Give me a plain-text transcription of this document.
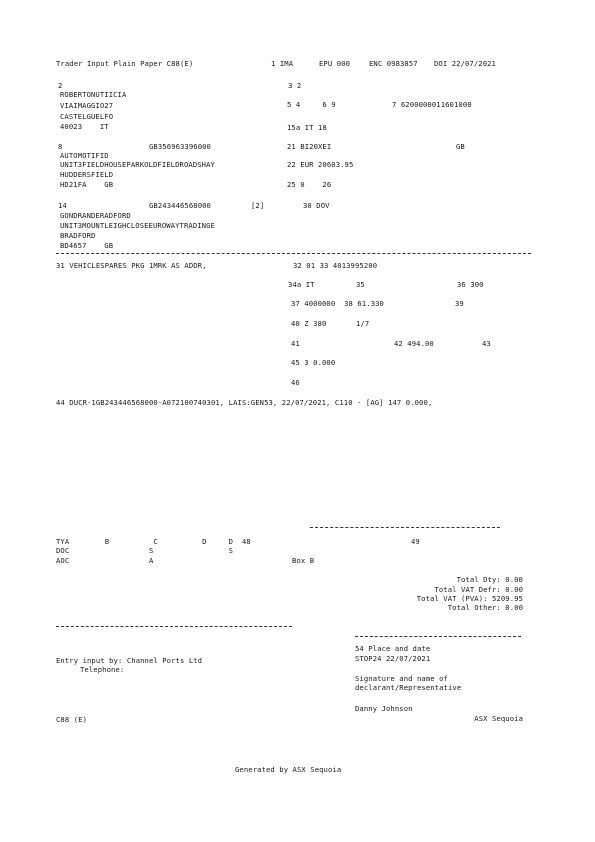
Trader Input Plain Paper C88(E)	1 IMA	EPU 000	ENC 0983857 DOI 22/07/2021
2
ROBERTONUTIICIA
VIAIMAGGIO27
CASTELGUELFO
40023    IT
3 2
5 4     6 9	7 6200000011601000
15a IT 18
8	GB356963396000	21 BI20XEI	GB
AUTOMOTIFID
UNIT3FIELDHOUSEPARKOLDFIELDROADSHAY	22 EUR 20603.95
HUDDERSFIELD
HD21FA    GB	25 0    26
14	GB243446568000	[2]	30 DOV
GONDRANDERADFORD
UNIT3MOUNTLEIGHCLOSEEUROWAYTRADINGE
BRADFORD
BD4657    GB
31 VEHICLESPARES PKG 1MRK AS ADDR,	32 01 33 4013995200
34a IT	35	36 300
37 4000000  38 61.330	39
40 Z 380	1/7
41	42 494.00	43
45 3 0.000
46
44 DUCR-1GB243446568000-A072100740301, LAIS:GEN53, 22/07/2021, C110 - [AG] 147 0.000,
TYA        B          C          D     D  48	49
DOC                  S                 S
AOC                  A	Box B
Total Dty: 0.00
Total VAT Defr: 0.00
Total VAT (PVA): 5209.95
Total Other: 0.00
54 Place and date
STOP24 22/07/2021
Entry input by: Channel Ports Ltd
Telephone:
Signature and name of
declarant/Representative
Danny Johnson
C88 (E)	ASX Sequoia
Generated by ASX Sequoia
